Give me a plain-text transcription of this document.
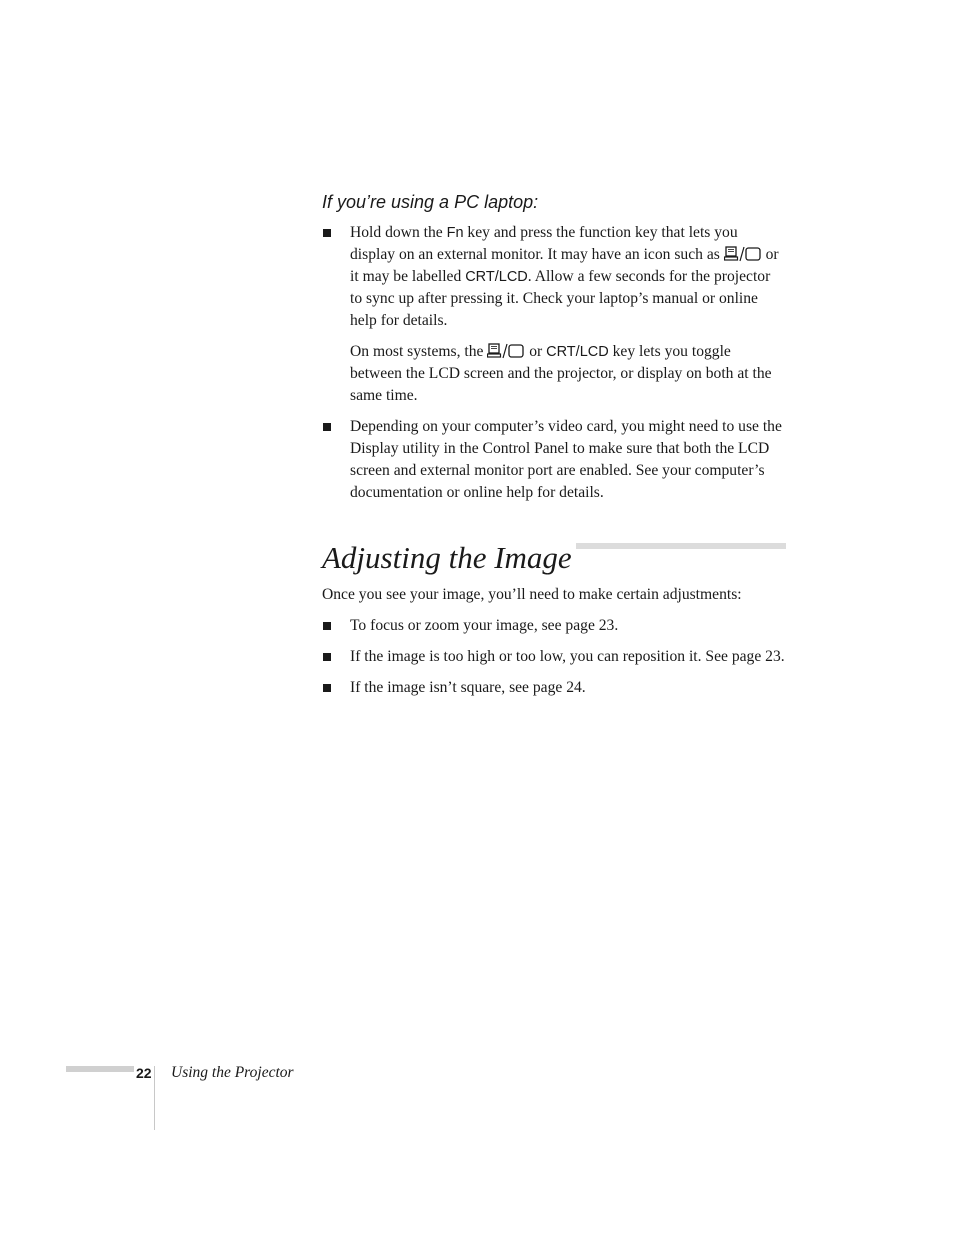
If you’re using a PC laptop:
Hold down the Fn key and press the function key that lets you display on an external monitor. It may have an icon such as  or it may be labelled CRT/LCD. Allow a few seconds for the projector to sync up after pressing it. Check your laptop’s manual or online help for details.
On most systems, the  or CRT/LCD key lets you toggle between the LCD screen and the projector, or display on both at the same time.
Depending on your computer’s video card, you might need to use the Display utility in the Control Panel to make sure that both the LCD screen and external monitor port are enabled. See your computer’s documentation or online help for details.
Adjusting the Image
Once you see your image, you’ll need to make certain adjustments:
To focus or zoom your image, see page 23.
If the image is too high or too low, you can reposition it. See page 23.
If the image isn’t square, see page 24.
22 Using the Projector
